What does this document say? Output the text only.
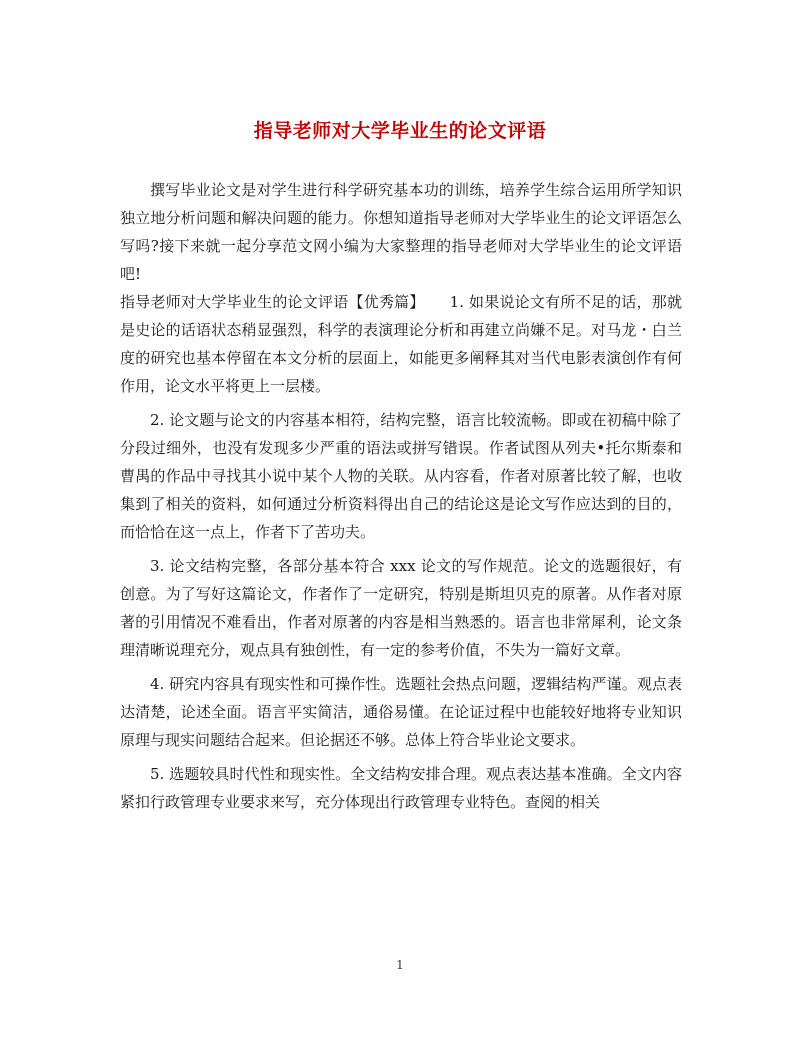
指导老师对大学毕业生的论文评语

撰写毕业论文是对学生进行科学研究基本功的训练，培养学生综合运用所学知识独立地分析问题和解决问题的能力。你想知道指导老师对大学毕业生的论文评语怎么写吗?接下来就一起分享范文网小编为大家整理的指导老师对大学毕业生的论文评语吧!

指导老师对大学毕业生的论文评语【优秀篇】 1. 如果说论文有所不足的话，那就是史论的话语状态稍显强烈，科学的表演理论分析和再建立尚嫌不足。对马龙・白兰度的研究也基本停留在本文分析的层面上，如能更多阐释其对当代电影表演创作有何作用，论文水平将更上一层楼。

2. 论文题与论文的内容基本相符，结构完整，语言比较流畅。即或在初稿中除了分段过细外，也没有发现多少严重的语法或拼写错误。作者试图从列夫•托尔斯泰和曹禺的作品中寻找其小说中某个人物的关联。从内容看，作者对原著比较了解，也收集到了相关的资料，如何通过分析资料得出自己的结论这是论文写作应达到的目的，而恰恰在这一点上，作者下了苦功夫。

3. 论文结构完整，各部分基本符合 xxx 论文的写作规范。论文的选题很好，有创意。为了写好这篇论文，作者作了一定研究，特别是斯坦贝克的原著。从作者对原著的引用情况不难看出，作者对原著的内容是相当熟悉的。语言也非常犀利，论文条理清晰说理充分，观点具有独创性，有一定的参考价值，不失为一篇好文章。

4. 研究内容具有现实性和可操作性。选题社会热点问题，逻辑结构严谨。观点表达清楚，论述全面。语言平实简洁，通俗易懂。在论证过程中也能较好地将专业知识原理与现实问题结合起来。但论据还不够。总体上符合毕业论文要求。

5. 选题较具时代性和现实性。全文结构安排合理。观点表达基本准确。全文内容紧扣行政管理专业要求来写，充分体现出行政管理专业特色。查阅的相关

1
